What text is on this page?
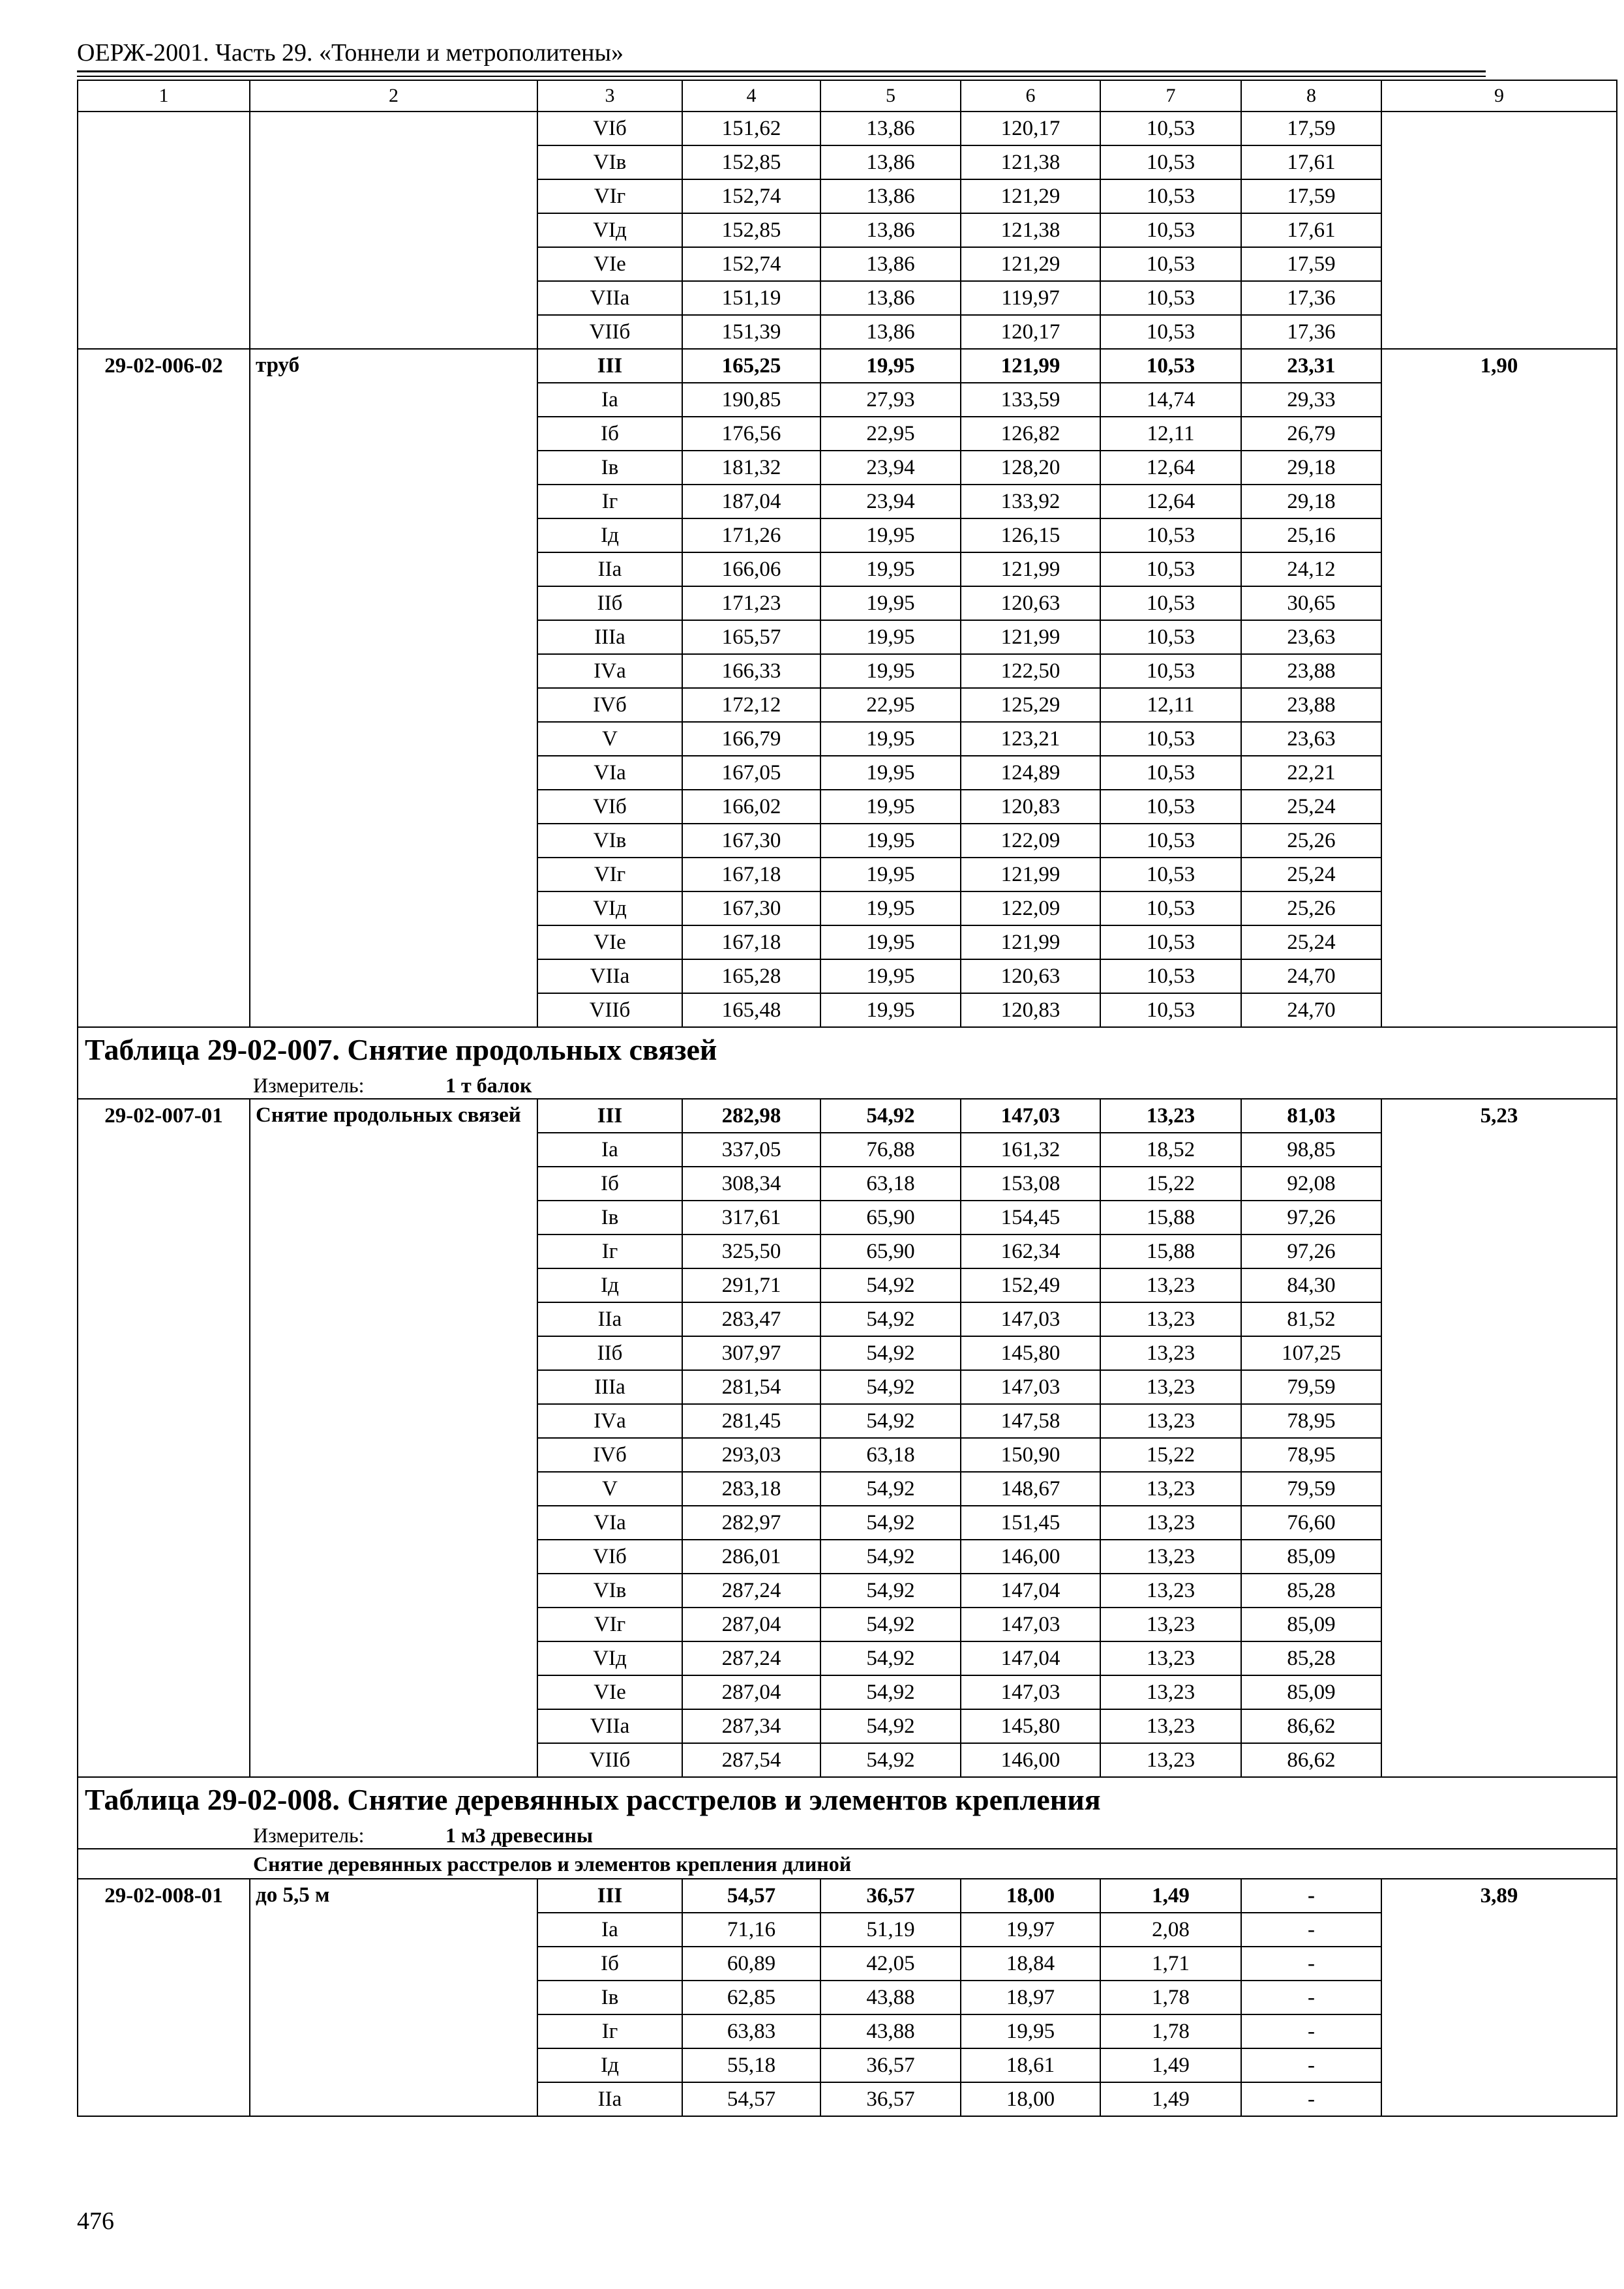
ОЕРЖ-2001. Часть 29. «Тоннели и метрополитены»
1	2	3	4	5	6	7	8	9
		VIб	151,62	13,86	120,17	10,53	17,59	
		VIв	152,85	13,86	121,38	10,53	17,61	
		VIг	152,74	13,86	121,29	10,53	17,59	
		VIд	152,85	13,86	121,38	10,53	17,61	
		VIе	152,74	13,86	121,29	10,53	17,59	
		VIIа	151,19	13,86	119,97	10,53	17,36	
		VIIб	151,39	13,86	120,17	10,53	17,36	
29-02-006-02	труб	III	165,25	19,95	121,99	10,53	23,31	1,90
		Iа	190,85	27,93	133,59	14,74	29,33	
		Iб	176,56	22,95	126,82	12,11	26,79	
		Iв	181,32	23,94	128,20	12,64	29,18	
		Iг	187,04	23,94	133,92	12,64	29,18	
		Iд	171,26	19,95	126,15	10,53	25,16	
		IIа	166,06	19,95	121,99	10,53	24,12	
		IIб	171,23	19,95	120,63	10,53	30,65	
		IIIа	165,57	19,95	121,99	10,53	23,63	
		IVа	166,33	19,95	122,50	10,53	23,88	
		IVб	172,12	22,95	125,29	12,11	23,88	
		V	166,79	19,95	123,21	10,53	23,63	
		VIа	167,05	19,95	124,89	10,53	22,21	
		VIб	166,02	19,95	120,83	10,53	25,24	
		VIв	167,30	19,95	122,09	10,53	25,26	
		VIг	167,18	19,95	121,99	10,53	25,24	
		VIд	167,30	19,95	122,09	10,53	25,26	
		VIе	167,18	19,95	121,99	10,53	25,24	
		VIIа	165,28	19,95	120,63	10,53	24,70	
		VIIб	165,48	19,95	120,83	10,53	24,70	
Таблица 29-02-007. Снятие продольных связей								
Измеритель: 1 т балок								
29-02-007-01	Снятие продольных связей	III	282,98	54,92	147,03	13,23	81,03	5,23
		Iа	337,05	76,88	161,32	18,52	98,85	
		Iб	308,34	63,18	153,08	15,22	92,08	
		Iв	317,61	65,90	154,45	15,88	97,26	
		Iг	325,50	65,90	162,34	15,88	97,26	
		Iд	291,71	54,92	152,49	13,23	84,30	
		IIа	283,47	54,92	147,03	13,23	81,52	
		IIб	307,97	54,92	145,80	13,23	107,25	
		IIIа	281,54	54,92	147,03	13,23	79,59	
		IVа	281,45	54,92	147,58	13,23	78,95	
		IVб	293,03	63,18	150,90	15,22	78,95	
		V	283,18	54,92	148,67	13,23	79,59	
		VIа	282,97	54,92	151,45	13,23	76,60	
		VIб	286,01	54,92	146,00	13,23	85,09	
		VIв	287,24	54,92	147,04	13,23	85,28	
		VIг	287,04	54,92	147,03	13,23	85,09	
		VIд	287,24	54,92	147,04	13,23	85,28	
		VIе	287,04	54,92	147,03	13,23	85,09	
		VIIа	287,34	54,92	145,80	13,23	86,62	
		VIIб	287,54	54,92	146,00	13,23	86,62	
Таблица 29-02-008. Снятие деревянных расстрелов и элементов крепления								
Измеритель: 1 м3 древесины								
Снятие деревянных расстрелов и элементов крепления длиной								
29-02-008-01	до 5,5 м	III	54,57	36,57	18,00	1,49	-	3,89
		Iа	71,16	51,19	19,97	2,08	-	
		Iб	60,89	42,05	18,84	1,71	-	
		Iв	62,85	43,88	18,97	1,78	-	
		Iг	63,83	43,88	19,95	1,78	-	
		Iд	55,18	36,57	18,61	1,49	-	
		IIа	54,57	36,57	18,00	1,49	-	
476
